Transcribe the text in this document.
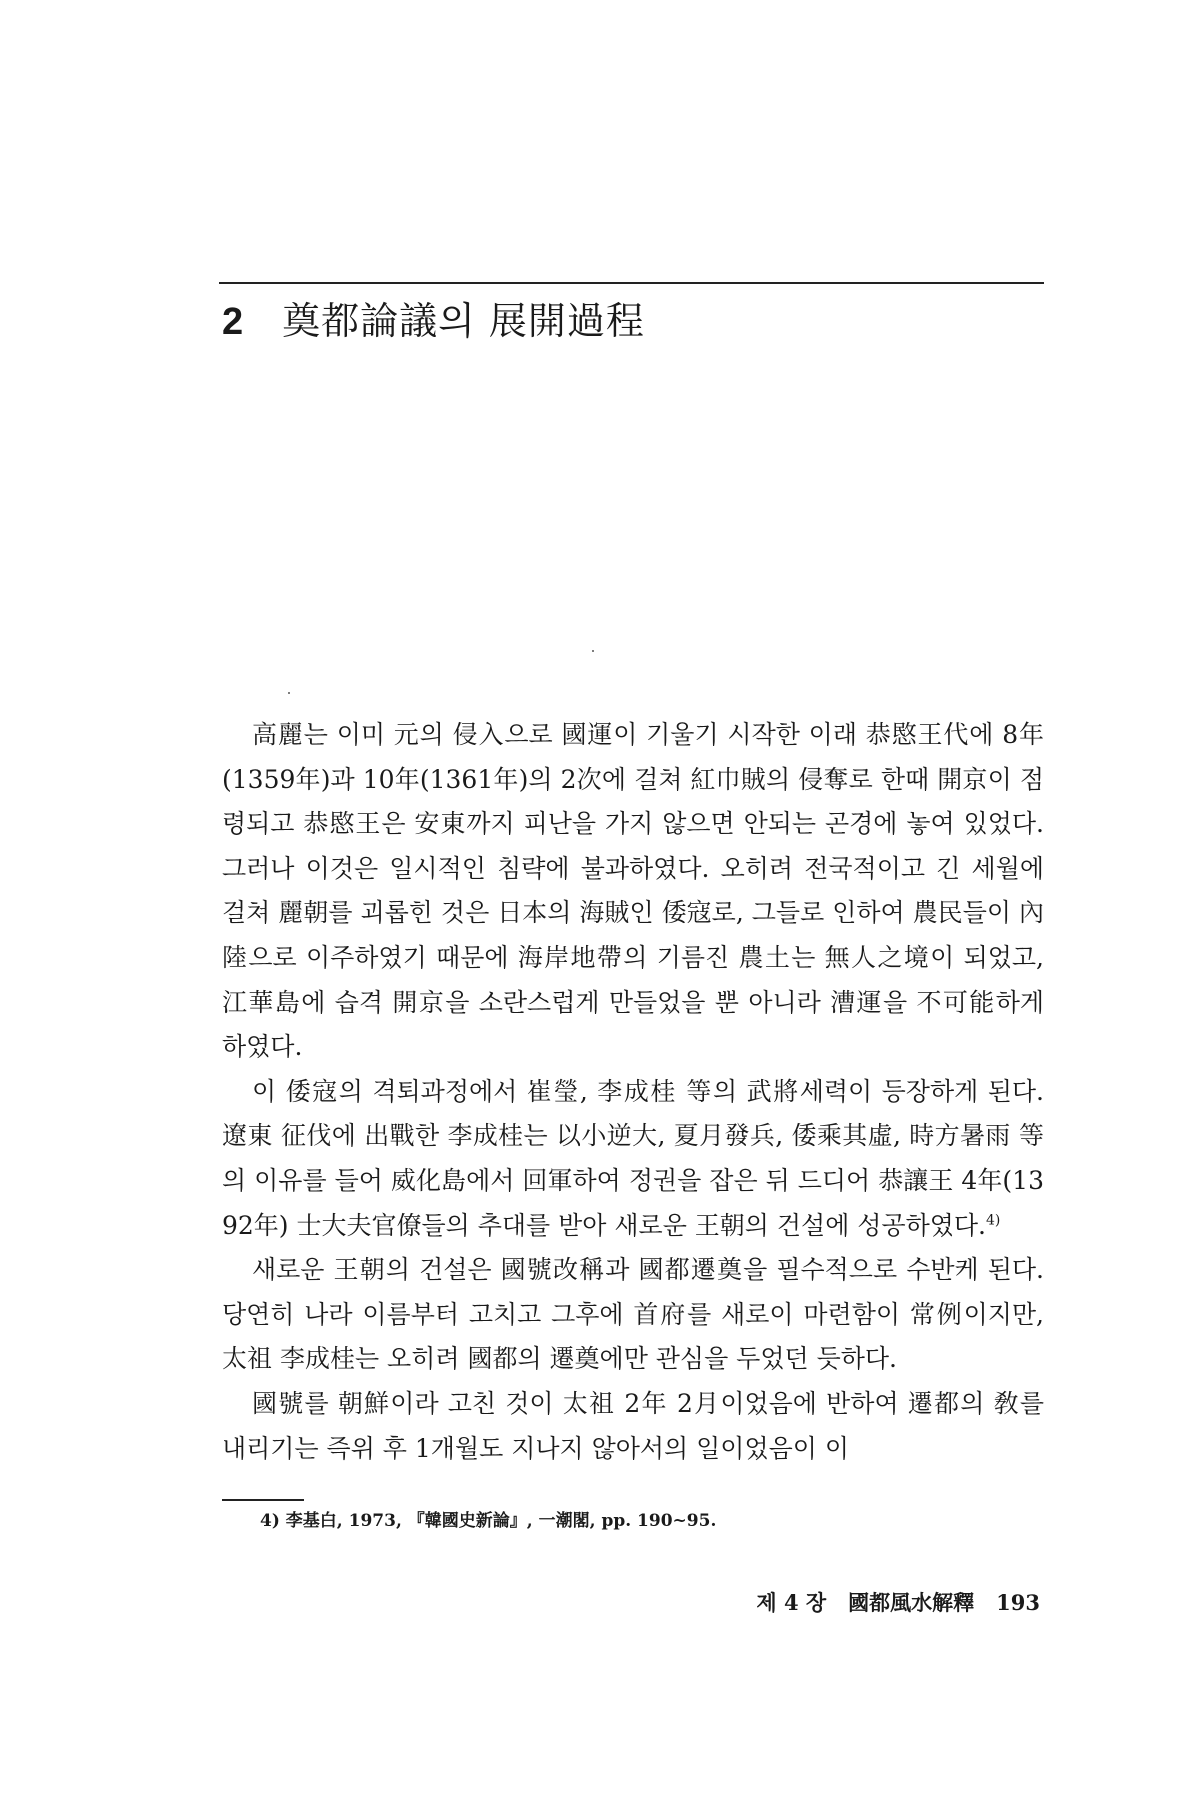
2 奠都論議의 展開過程

高麗는 이미 元의 侵入으로 國運이 기울기 시작한 이래 恭愍王代에 8年(1359年)과 10年(1361年)의 2次에 걸쳐 紅巾賊의 侵奪로 한때 開京이 점령되고 恭愍王은 安東까지 피난을 가지 않으면 안되는 곤경에 놓여 있었다. 그러나 이것은 일시적인 침략에 불과하였다. 오히려 전국적이고 긴 세월에 걸쳐 麗朝를 괴롭힌 것은 日本의 海賊인 倭寇로, 그들로 인하여 農民들이 內陸으로 이주하였기 때문에 海岸地帶의 기름진 農土는 無人之境이 되었고, 江華島에 습격 開京을 소란스럽게 만들었을 뿐 아니라 漕運을 不可能하게 하였다.

이 倭寇의 격퇴과정에서 崔瑩, 李成桂 等의 武將세력이 등장하게 된다. 遼東 征伐에 出戰한 李成桂는 以小逆大, 夏月發兵, 倭乘其虛, 時方暑雨 等의 이유를 들어 威化島에서 回軍하여 정권을 잡은 뒤 드디어 恭讓王 4年(1392年) 士大夫官僚들의 추대를 받아 새로운 王朝의 건설에 성공하였다.$^{4)}$

새로운 王朝의 건설은 國號改稱과 國都遷奠을 필수적으로 수반케 된다. 당연히 나라 이름부터 고치고 그후에 首府를 새로이 마련함이 常例이지만, 太祖 李成桂는 오히려 國都의 遷奠에만 관심을 두었던 듯하다.

國號를 朝鮮이라 고친 것이 太祖 2年 2月이었음에 반하여 遷都의 敎를 내리기는 즉위 후 1개월도 지나지 않아서의 일이었음이 이

4) 李基白, 1973, 『韓國史新論』, 一潮閣, pp. 190~95.
제 4 장 國都風水解釋 193
